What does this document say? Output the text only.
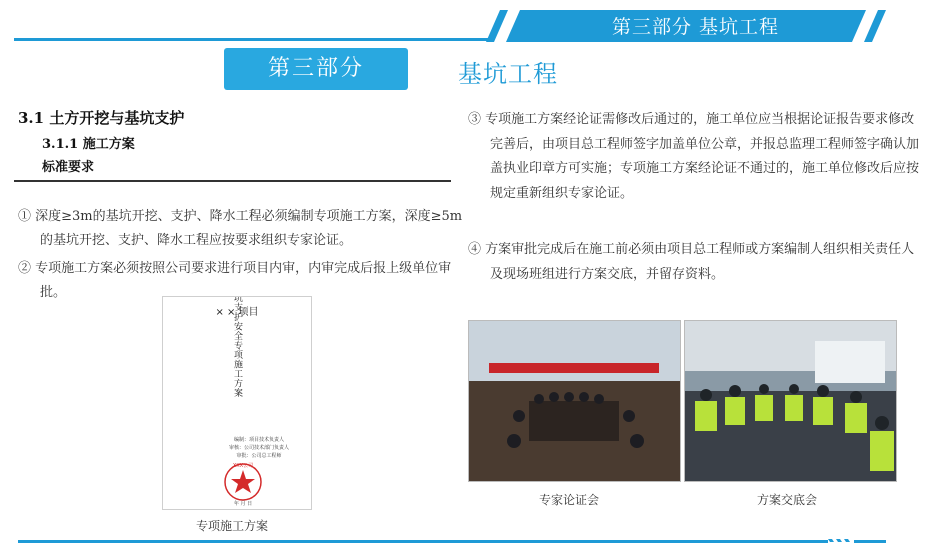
第三部分 基坑工程
第三部分	基坑工程
3.1 土方开挖与基坑支护
3.1.1 施工方案
标准要求

① 深度≥3m的基坑开挖、支护、降水工程必须编制专项施工方案，深度≥5m的基坑开挖、支护、降水工程应按要求组织专家论证。

② 专项施工方案必须按照公司要求进行项目内审，内审完成后报上级单位审批。

× × 项目
××基坑支护安全专项施工方案
编制：项目技术负责人
审核：公司技术部门负责人
审批：公司总工程师
XXX公司
年 月 日
专项施工方案

③ 专项施工方案经论证需修改后通过的，施工单位应当根据论证报告要求修改完善后，由项目总工程师签字加盖单位公章，并报总监理工程师签字确认加盖执业印章方可实施；专项施工方案经论证不通过的，施工单位修改后应按规定重新组织专家论证。

④ 方案审批完成后在施工前必须由项目总工程师或方案编制人组织相关责任人及现场班组进行方案交底，并留存资料。

专家论证会	方案交底会
